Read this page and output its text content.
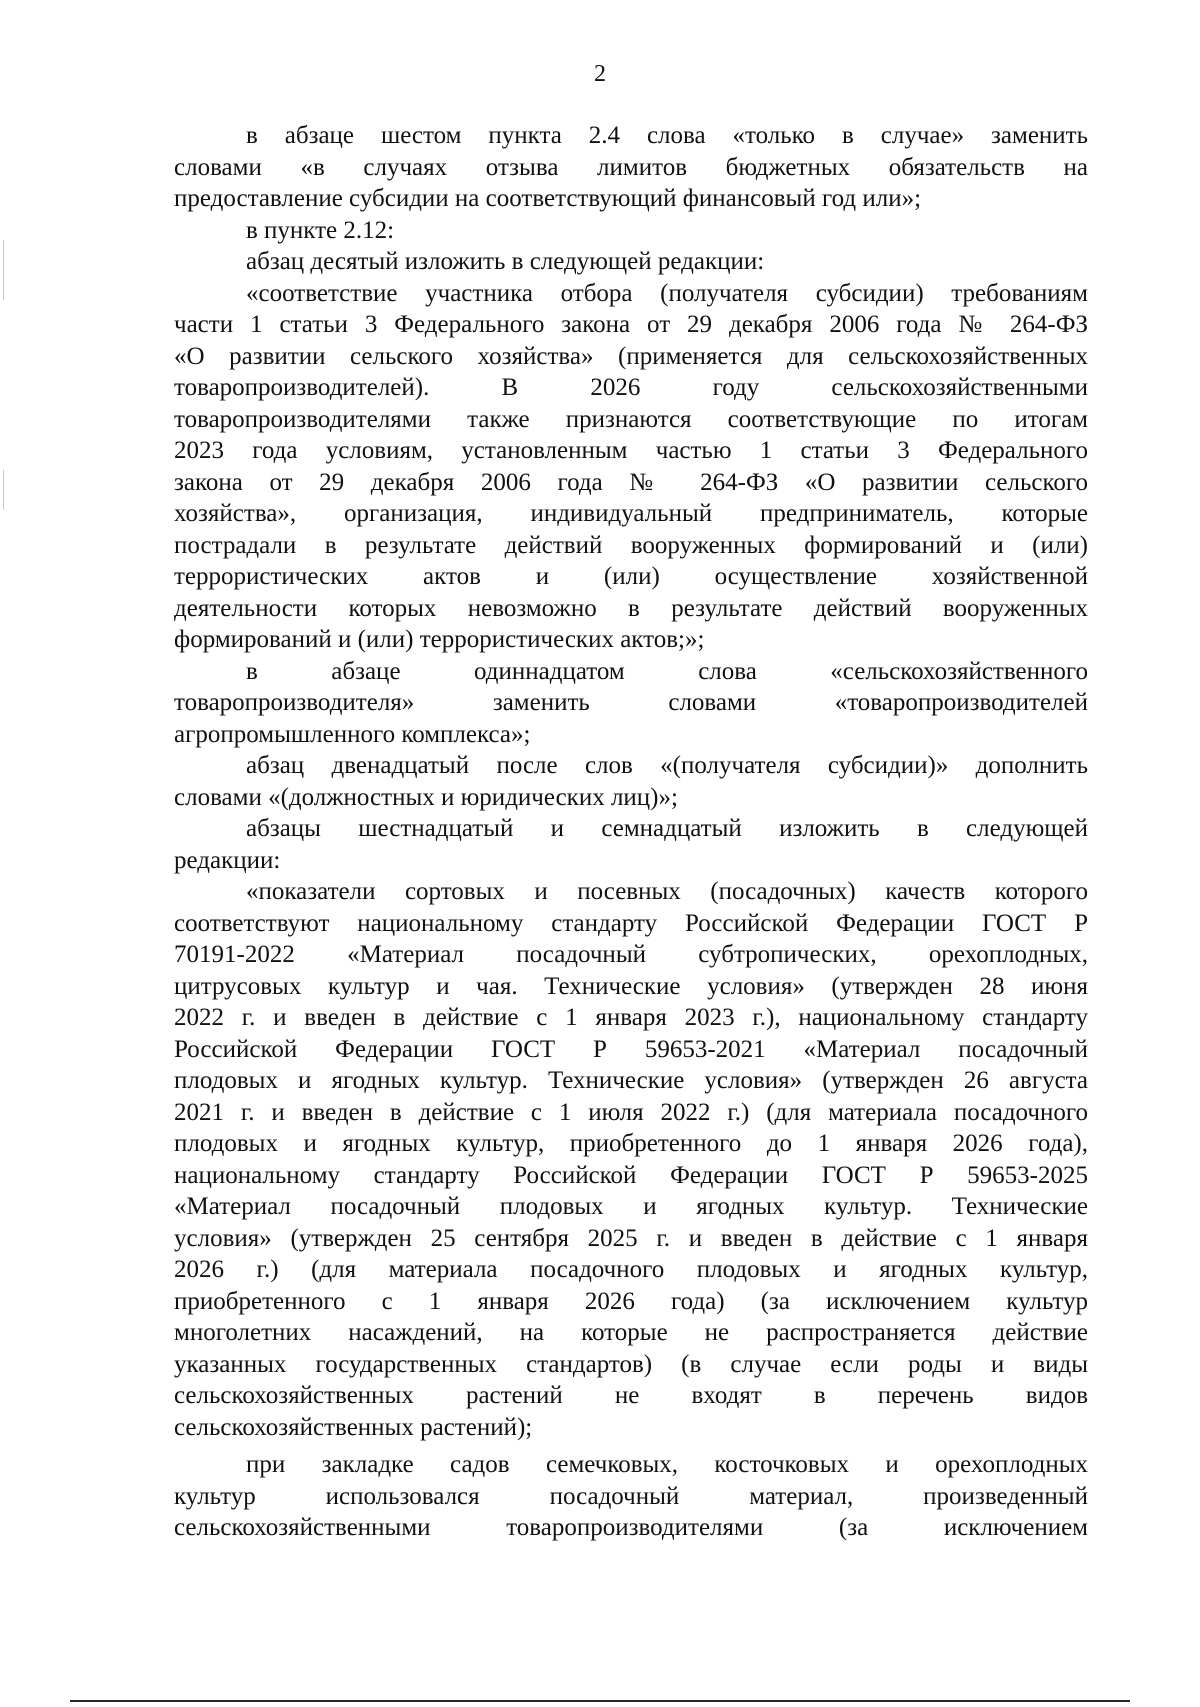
2
в абзаце шестом пункта 2.4 слова «только в случае» заменить
словами «в случаях отзыва лимитов бюджетных обязательств на
предоставление субсидии на соответствующий финансовый год или»;
в пункте 2.12:
абзац десятый изложить в следующей редакции:
«соответствие участника отбора (получателя субсидии) требованиям
части 1 статьи 3 Федерального закона от 29 декабря 2006 года № 264-ФЗ
«О развитии сельского хозяйства» (применяется для сельскохозяйственных
товаропроизводителей). В 2026 году сельскохозяйственными
товаропроизводителями также признаются соответствующие по итогам
2023 года условиям, установленным частью 1 статьи 3 Федерального
закона от 29 декабря 2006 года № 264-ФЗ «О развитии сельского
хозяйства», организация, индивидуальный предприниматель, которые
пострадали в результате действий вооруженных формирований и (или)
террористических актов и (или) осуществление хозяйственной
деятельности которых невозможно в результате действий вооруженных
формирований и (или) террористических актов;»;
в абзаце одиннадцатом слова «сельскохозяйственного
товаропроизводителя» заменить словами «товаропроизводителей
агропромышленного комплекса»;
абзац двенадцатый после слов «(получателя субсидии)» дополнить
словами «(должностных и юридических лиц)»;
абзацы шестнадцатый и семнадцатый изложить в следующей
редакции:
«показатели сортовых и посевных (посадочных) качеств которого
соответствуют национальному стандарту Российской Федерации ГОСТ Р
70191-2022 «Материал посадочный субтропических, орехоплодных,
цитрусовых культур и чая. Технические условия» (утвержден 28 июня
2022 г. и введен в действие с 1 января 2023 г.), национальному стандарту
Российской Федерации ГОСТ Р 59653-2021 «Материал посадочный
плодовых и ягодных культур. Технические условия» (утвержден 26 августа
2021 г. и введен в действие с 1 июля 2022 г.) (для материала посадочного
плодовых и ягодных культур, приобретенного до 1 января 2026 года),
национальному стандарту Российской Федерации ГОСТ Р 59653-2025
«Материал посадочный плодовых и ягодных культур. Технические
условия» (утвержден 25 сентября 2025 г. и введен в действие с 1 января
2026 г.) (для материала посадочного плодовых и ягодных культур,
приобретенного с 1 января 2026 года) (за исключением культур
многолетних насаждений, на которые не распространяется действие
указанных государственных стандартов) (в случае если роды и виды
сельскохозяйственных растений не входят в перечень видов
сельскохозяйственных растений);
при закладке садов семечковых, косточковых и орехоплодных
культур использовался посадочный материал, произведенный
сельскохозяйственными товаропроизводителями (за исключением
